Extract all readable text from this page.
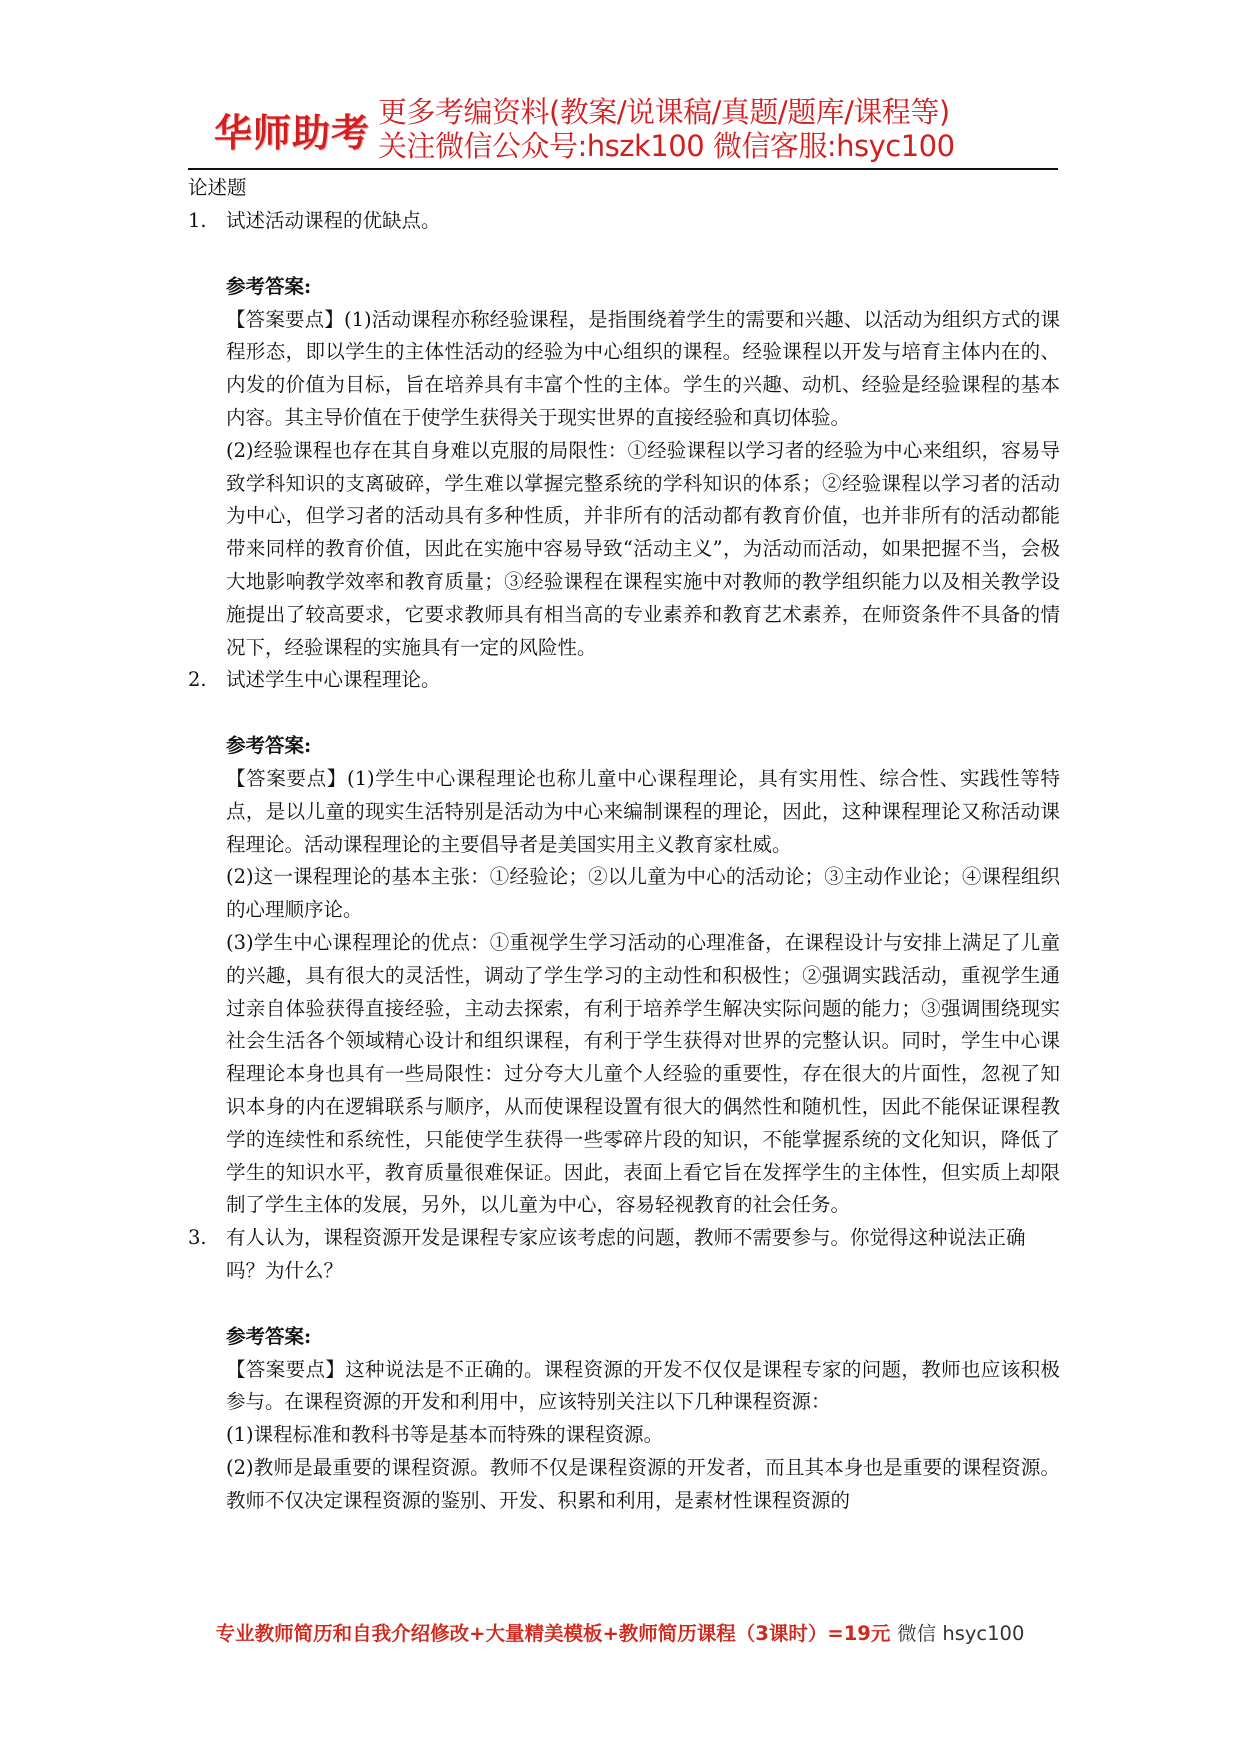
华师助考 更多考编资料(教案/说课稿/真题/题库/课程等)
关注微信公众号:hszk100 微信客服:hsyc100
论述题
1. 试述活动课程的优缺点。
参考答案:

【答案要点】(1)活动课程亦称经验课程，是指围绕着学生的需要和兴趣、以活动为组织方式的课程形态，即以学生的主体性活动的经验为中心组织的课程。经验课程以开发与培育主体内在的、内发的价值为目标，旨在培养具有丰富个性的主体。学生的兴趣、动机、经验是经验课程的基本内容。其主导价值在于使学生获得关于现实世界的直接经验和真切体验。

(2)经验课程也存在其自身难以克服的局限性：①经验课程以学习者的经验为中心来组织，容易导致学科知识的支离破碎，学生难以掌握完整系统的学科知识的体系；②经验课程以学习者的活动为中心，但学习者的活动具有多种性质，并非所有的活动都有教育价值，也并非所有的活动都能带来同样的教育价值，因此在实施中容易导致“活动主义”，为活动而活动，如果把握不当，会极大地影响教学效率和教育质量；③经验课程在课程实施中对教师的教学组织能力以及相关教学设施提出了较高要求，它要求教师具有相当高的专业素养和教育艺术素养，在师资条件不具备的情况下，经验课程的实施具有一定的风险性。

2. 试述学生中心课程理论。
参考答案:

【答案要点】(1)学生中心课程理论也称儿童中心课程理论，具有实用性、综合性、实践性等特点，是以儿童的现实生活特别是活动为中心来编制课程的理论，因此，这种课程理论又称活动课程理论。活动课程理论的主要倡导者是美国实用主义教育家杜威。

(2)这一课程理论的基本主张：①经验论；②以儿童为中心的活动论；③主动作业论；④课程组织的心理顺序论。

(3)学生中心课程理论的优点：①重视学生学习活动的心理准备，在课程设计与安排上满足了儿童的兴趣，具有很大的灵活性，调动了学生学习的主动性和积极性；②强调实践活动，重视学生通过亲自体验获得直接经验，主动去探索，有利于培养学生解决实际问题的能力；③强调围绕现实社会生活各个领域精心设计和组织课程，有利于学生获得对世界的完整认识。同时，学生中心课程理论本身也具有一些局限性：过分夸大儿童个人经验的重要性，存在很大的片面性，忽视了知识本身的内在逻辑联系与顺序，从而使课程设置有很大的偶然性和随机性，因此不能保证课程教学的连续性和系统性，只能使学生获得一些零碎片段的知识，不能掌握系统的文化知识，降低了学生的知识水平，教育质量很难保证。因此，表面上看它旨在发挥学生的主体性，但实质上却限制了学生主体的发展，另外，以儿童为中心，容易轻视教育的社会任务。

3. 有人认为，课程资源开发是课程专家应该考虑的问题，教师不需要参与。你觉得这种说法正确吗？为什么？
参考答案:

【答案要点】这种说法是不正确的。课程资源的开发不仅仅是课程专家的问题，教师也应该积极参与。在课程资源的开发和利用中，应该特别关注以下几种课程资源：

(1)课程标准和教科书等是基本而特殊的课程资源。

(2)教师是最重要的课程资源。教师不仅是课程资源的开发者，而且其本身也是重要的课程资源。教师不仅决定课程资源的鉴别、开发、积累和利用，是素材性课程资源的

专业教师简历和自我介绍修改+大量精美模板+教师简历课程（3课时）=19元 微信 hsyc100
